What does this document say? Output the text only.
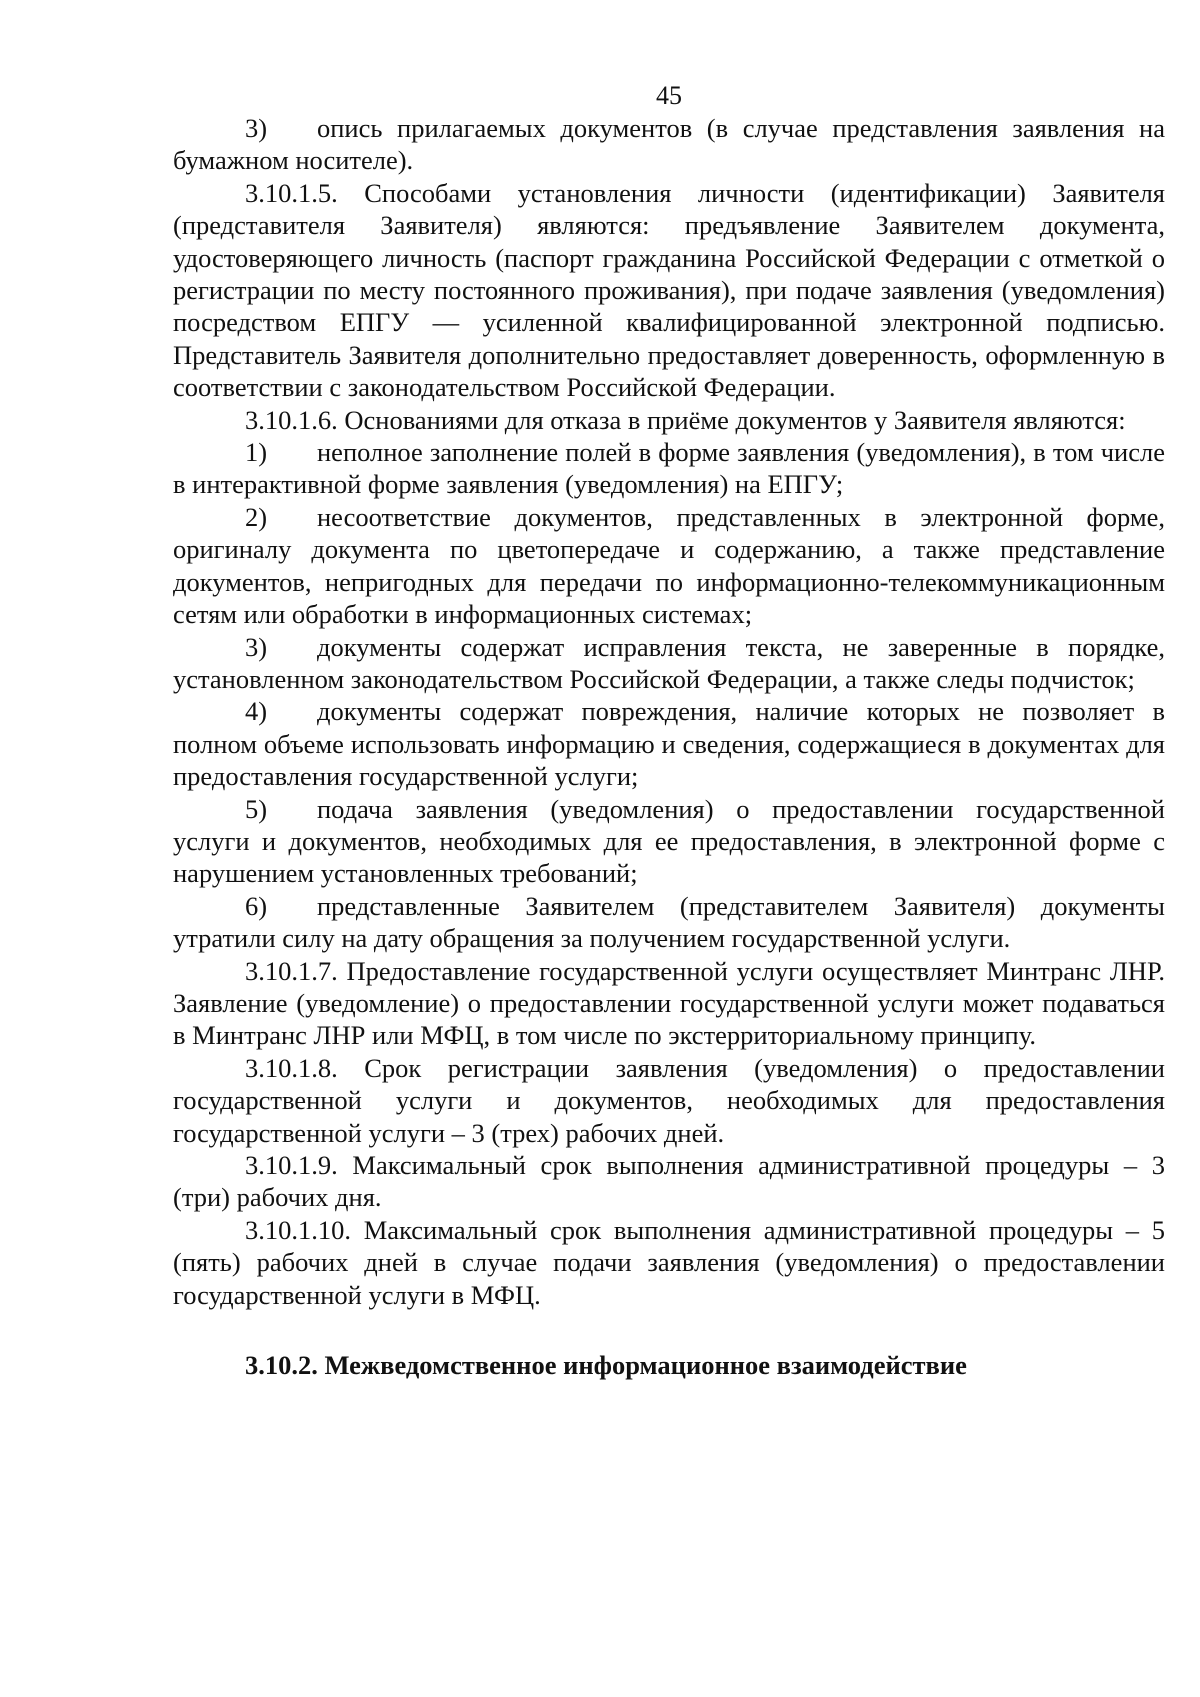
45

3) опись прилагаемых документов (в случае представления заявления на бумажном носителе).

3.10.1.5. Способами установления личности (идентификации) Заявителя (представителя Заявителя) являются: предъявление Заявителем документа, удостоверяющего личность (паспорт гражданина Российской Федерации с отметкой о регистрации по месту постоянного проживания), при подаче заявления (уведомления) посредством ЕПГУ — усиленной квалифицированной электронной подписью. Представитель Заявителя дополнительно предоставляет доверенность, оформленную в соответствии с законодательством Российской Федерации.

3.10.1.6. Основаниями для отказа в приёме документов у Заявителя являются:

1) неполное заполнение полей в форме заявления (уведомления), в том числе в интерактивной форме заявления (уведомления) на ЕПГУ;

2) несоответствие документов, представленных в электронной форме, оригиналу документа по цветопередаче и содержанию, а также представление документов, непригодных для передачи по информационно-телекоммуникационным сетям или обработки в информационных системах;

3) документы содержат исправления текста, не заверенные в порядке, установленном законодательством Российской Федерации, а также следы подчисток;

4) документы содержат повреждения, наличие которых не позволяет в полном объеме использовать информацию и сведения, содержащиеся в документах для предоставления государственной услуги;

5) подача заявления (уведомления) о предоставлении государственной услуги и документов, необходимых для ее предоставления, в электронной форме с нарушением установленных требований;

6) представленные Заявителем (представителем Заявителя) документы утратили силу на дату обращения за получением государственной услуги.

3.10.1.7. Предоставление государственной услуги осуществляет Минтранс ЛНР. Заявление (уведомление) о предоставлении государственной услуги может подаваться в Минтранс ЛНР или МФЦ, в том числе по экстерриториальному принципу.

3.10.1.8. Срок регистрации заявления (уведомления) о предоставлении государственной услуги и документов, необходимых для предоставления государственной услуги – 3 (трех) рабочих дней.

3.10.1.9. Максимальный срок выполнения административной процедуры – 3 (три) рабочих дня.

3.10.1.10. Максимальный срок выполнения административной процедуры – 5 (пять) рабочих дней в случае подачи заявления (уведомления) о предоставлении государственной услуги в МФЦ.

3.10.2. Межведомственное информационное взаимодействие
